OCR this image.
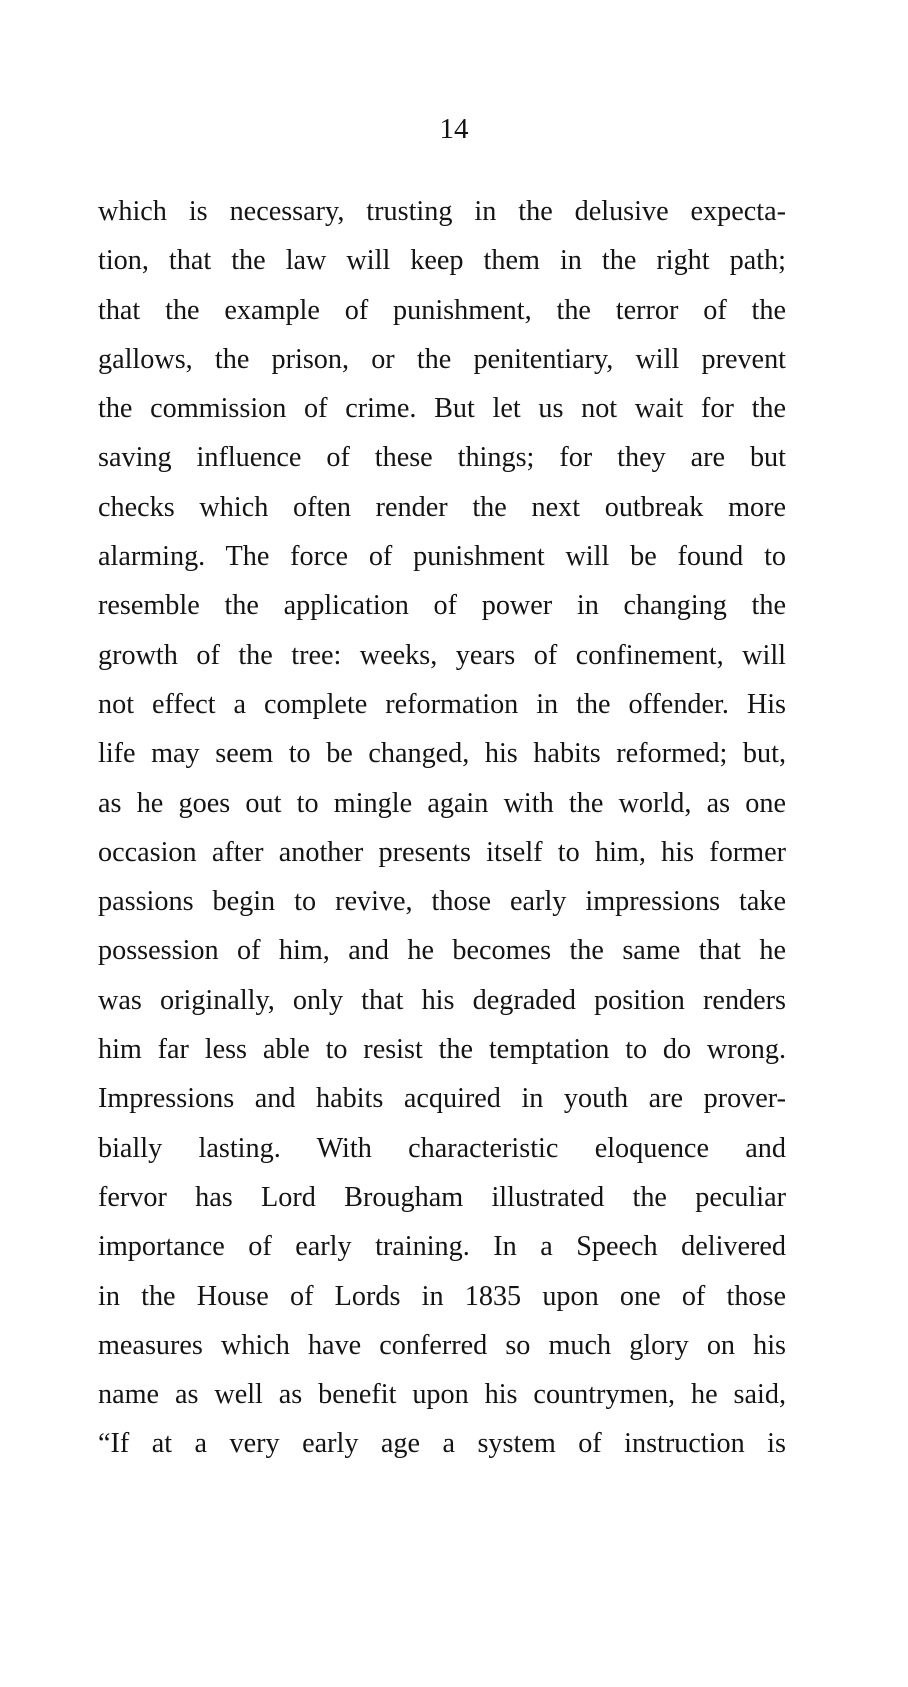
14
which is necessary, trusting in the delusive expecta-
tion, that the law will keep them in the right path;
that the example of punishment, the terror of the
gallows, the prison, or the penitentiary, will prevent
the commission of crime. But let us not wait for the
saving influence of these things; for they are but
checks which often render the next outbreak more
alarming. The force of punishment will be found to
resemble the application of power in changing the
growth of the tree: weeks, years of confinement, will
not effect a complete reformation in the offender. His
life may seem to be changed, his habits reformed; but,
as he goes out to mingle again with the world, as one
occasion after another presents itself to him, his former
passions begin to revive, those early impressions take
possession of him, and he becomes the same that he
was originally, only that his degraded position renders
him far less able to resist the temptation to do wrong.
Impressions and habits acquired in youth are prover-
bially lasting. With characteristic eloquence and
fervor has Lord Brougham illustrated the peculiar
importance of early training. In a Speech delivered
in the House of Lords in 1835 upon one of those
measures which have conferred so much glory on his
name as well as benefit upon his countrymen, he said,
“If at a very early age a system of instruction is
